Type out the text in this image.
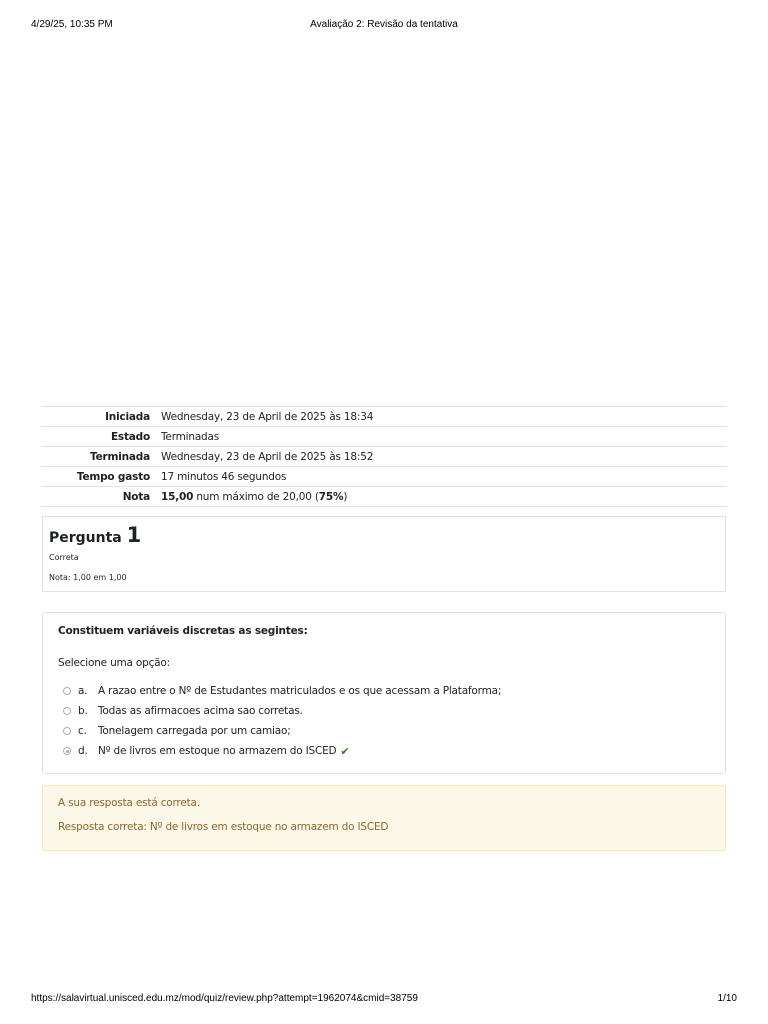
4/29/25, 10:35 PM	Avaliação 2: Revisão da tentativa
Iniciada	Wednesday, 23 de April de 2025 às 18:34
Estado	Terminadas
Terminada	Wednesday, 23 de April de 2025 às 18:52
Tempo gasto	17 minutos 46 segundos
Nota	15,00 num máximo de 20,00 (75%)
Pergunta 1
Correta
Nota: 1,00 em 1,00
Constituem variáveis discretas as segintes:
Selecione uma opção:
a.	A razao entre o Nº de Estudantes matriculados e os que acessam a Plataforma;
b. Todas as afirmacoes acima sao corretas.
c.	Tonelagem carregada por um camiao;
d. Nº de livros em estoque no armazem do ISCED ✔
A sua resposta está correta.
Resposta correta: Nº de livros em estoque no armazem do ISCED
https://salavirtual.unisced.edu.mz/mod/quiz/review.php?attempt=1962074&cmid=38759	1/10
